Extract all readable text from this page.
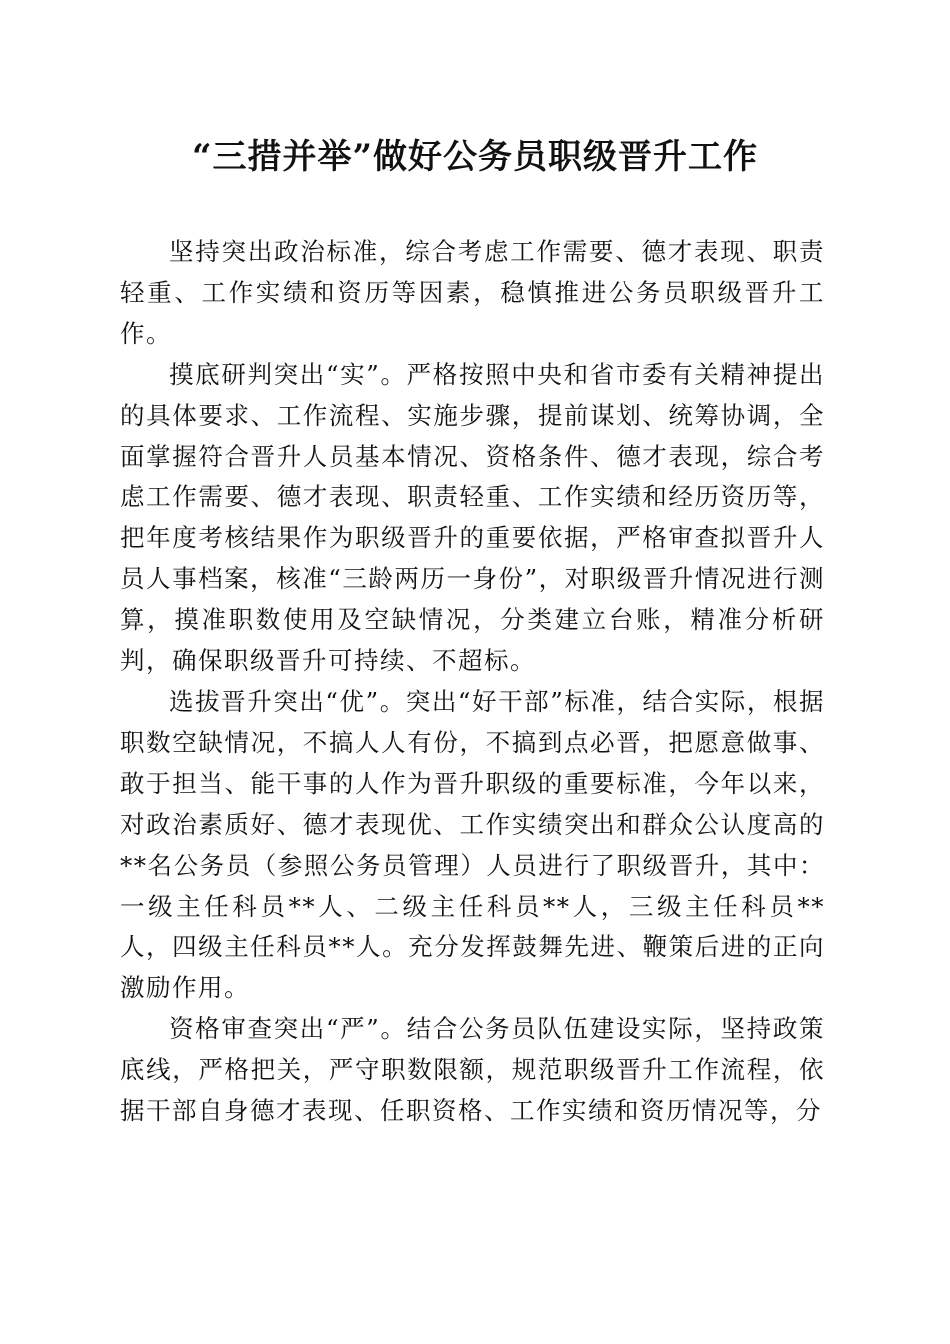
“三措并举”做好公务员职级晋升工作

坚持突出政治标准，综合考虑工作需要、德才表现、职责轻重、工作实绩和资历等因素，稳慎推进公务员职级晋升工作。

摸底研判突出“实”。严格按照中央和省市委有关精神提出的具体要求、工作流程、实施步骤，提前谋划、统筹协调，全面掌握符合晋升人员基本情况、资格条件、德才表现，综合考虑工作需要、德才表现、职责轻重、工作实绩和经历资历等，把年度考核结果作为职级晋升的重要依据，严格审查拟晋升人员人事档案，核准“三龄两历一身份”，对职级晋升情况进行测算，摸准职数使用及空缺情况，分类建立台账，精准分析研判，确保职级晋升可持续、不超标。

选拔晋升突出“优”。突出“好干部”标准，结合实际，根据职数空缺情况，不搞人人有份，不搞到点必晋，把愿意做事、敢于担当、能干事的人作为晋升职级的重要标准，今年以来，对政治素质好、德才表现优、工作实绩突出和群众公认度高的**名公务员（参照公务员管理）人员进行了职级晋升，其中：一级主任科员**人、二级主任科员**人，三级主任科员**人，四级主任科员**人。充分发挥鼓舞先进、鞭策后进的正向激励作用。

资格审查突出“严”。结合公务员队伍建设实际，坚持政策底线，严格把关，严守职数限额，规范职级晋升工作流程，依据干部自身德才表现、任职资格、工作实绩和资历情况等，分
